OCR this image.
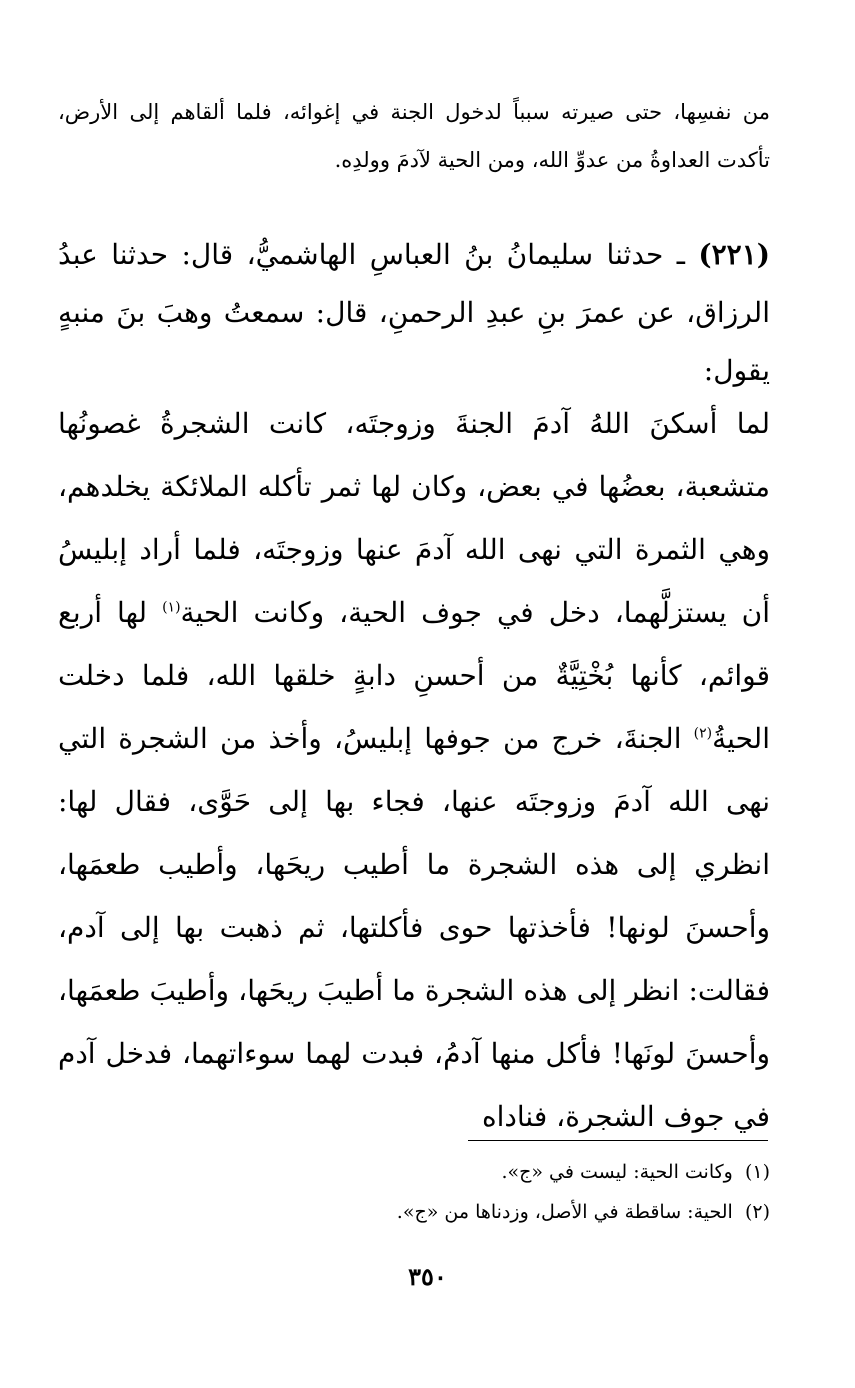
من نفسِها، حتى صيرته سبباً لدخول الجنة في إغوائه، فلما ألقاهم إلى الأرض، تأكدت العداوةُ من عدوِّ الله، ومن الحية لآدمَ وولدِه.

(٢٢١) ـ حدثنا سليمانُ بنُ العباسِ الهاشميُّ، قال: حدثنا عبدُ الرزاق، عن عمرَ بنِ عبدِ الرحمنِ، قال: سمعتُ وهبَ بنَ منبهٍ يقول:

لما أسكنَ اللهُ آدمَ الجنةَ وزوجتَه، كانت الشجرةُ غصونُها متشعبة، بعضُها في بعض، وكان لها ثمر تأكله الملائكة يخلدهم، وهي الثمرة التي نهى الله آدمَ عنها وزوجتَه، فلما أراد إبليسُ أن يستزلَّهما، دخل في جوف الحية، وكانت الحية$^{(١)}$ لها أربع قوائم، كأنها بُخْتِيَّةٌ من أحسنِ دابةٍ خلقها الله، فلما دخلت الحيةُ$^{(٢)}$ الجنةَ، خرج من جوفها إبليسُ، وأخذ من الشجرة التي نهى الله آدمَ وزوجتَه عنها، فجاء بها إلى حَوَّى، فقال لها: انظري إلى هذه الشجرة ما أطيب ريحَها، وأطيب طعمَها، وأحسنَ لونها! فأخذتها حوى فأكلتها، ثم ذهبت بها إلى آدم، فقالت: انظر إلى هذه الشجرة ما أطيبَ ريحَها، وأطيبَ طعمَها، وأحسنَ لونَها! فأكل منها آدمُ، فبدت لهما سوءاتهما، فدخل آدم في جوف الشجرة، فناداه

(١)  وكانت الحية: ليست في «ج».
(٢)  الحية: ساقطة في الأصل، وزدناها من «ج».
٣٥٠
